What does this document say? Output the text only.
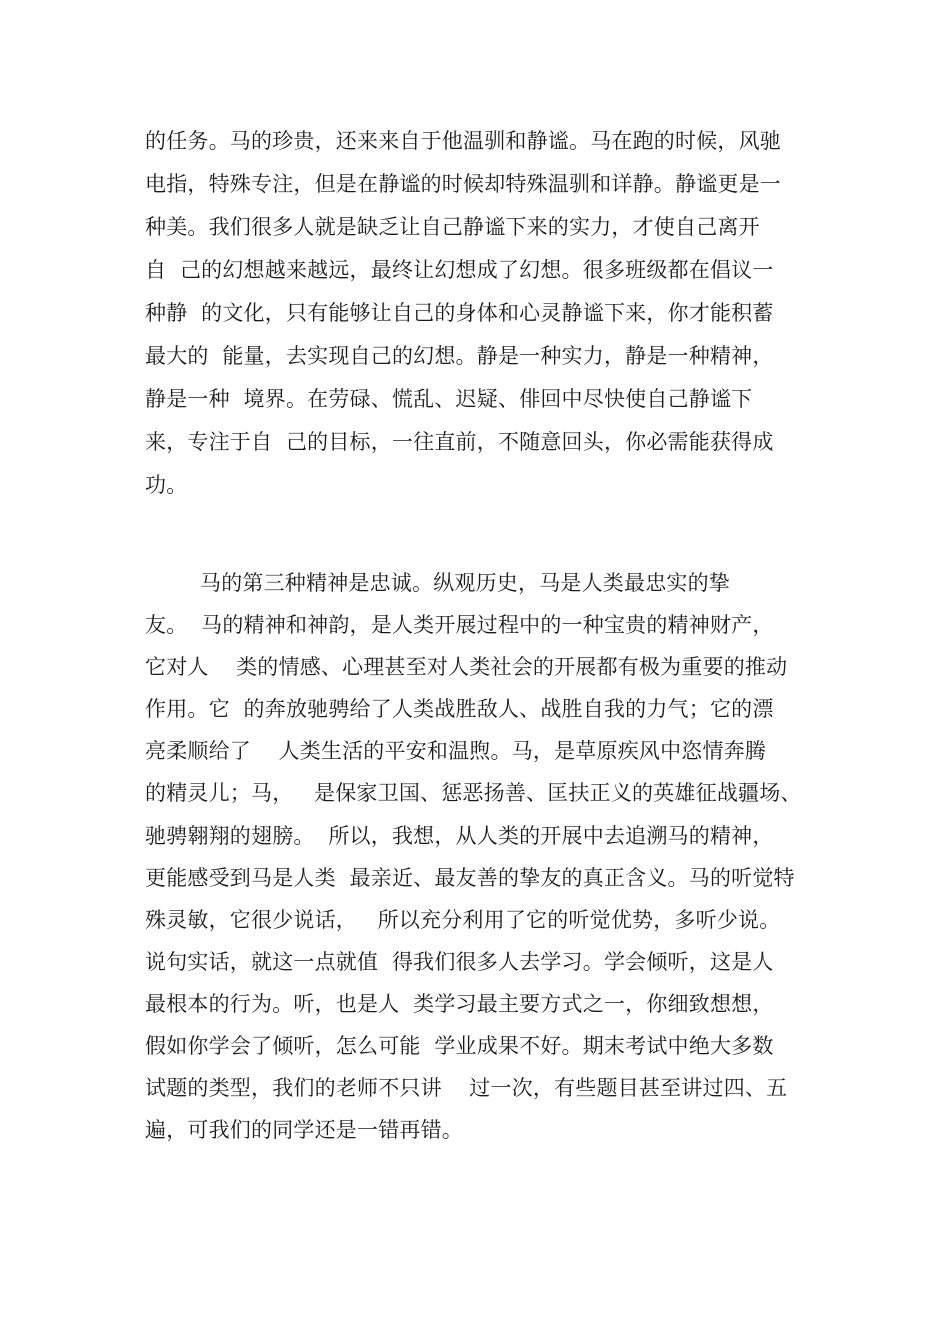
的任务。马的珍贵，还来来自于他温驯和静谧。马在跑的时候，风驰
电指，特殊专注，但是在静谧的时候却特殊温驯和详静。静谧更是一
种美。我们很多人就是缺乏让自己静谧下来的实力，才使自己离开
自  己的幻想越来越远，最终让幻想成了幻想。很多班级都在倡议一
种静  的文化，只有能够让自己的身体和心灵静谧下来，你才能积蓄
最大的  能量，去实现自己的幻想。静是一种实力，静是一种精神，
静是一种  境界。在劳碌、慌乱、迟疑、俳回中尽快使自己静谧下
来，专注于自  己的目标，一往直前，不随意回头，你必需能获得成
功。
马的第三种精神是忠诚。纵观历史，马是人类最忠实的挚
友。  马的精神和神韵，是人类开展过程中的一种宝贵的精神财产，
它对人    类的情感、心理甚至对人类社会的开展都有极为重要的推动
作用。它  的奔放驰骋给了人类战胜敌人、战胜自我的力气；它的漂
亮柔顺给了    人类生活的平安和温煦。马，是草原疾风中恣情奔腾
的精灵儿；马，   是保家卫国、惩恶扬善、匡扶正义的英雄征战疆场、
驰骋翱翔的翅膀。  所以，我想，从人类的开展中去追溯马的精神，
更能感受到马是人类  最亲近、最友善的挚友的真正含义。马的听觉特
殊灵敏，它很少说话，   所以充分利用了它的听觉优势，多听少说。
说句实话，就这一点就值  得我们很多人去学习。学会倾听，这是人
最根本的行为。听，也是人  类学习最主要方式之一，你细致想想，
假如你学会了倾听，怎么可能  学业成果不好。期末考试中绝大多数
试题的类型，我们的老师不只讲    过一次，有些题目甚至讲过四、五
遍，可我们的同学还是一错再错。
